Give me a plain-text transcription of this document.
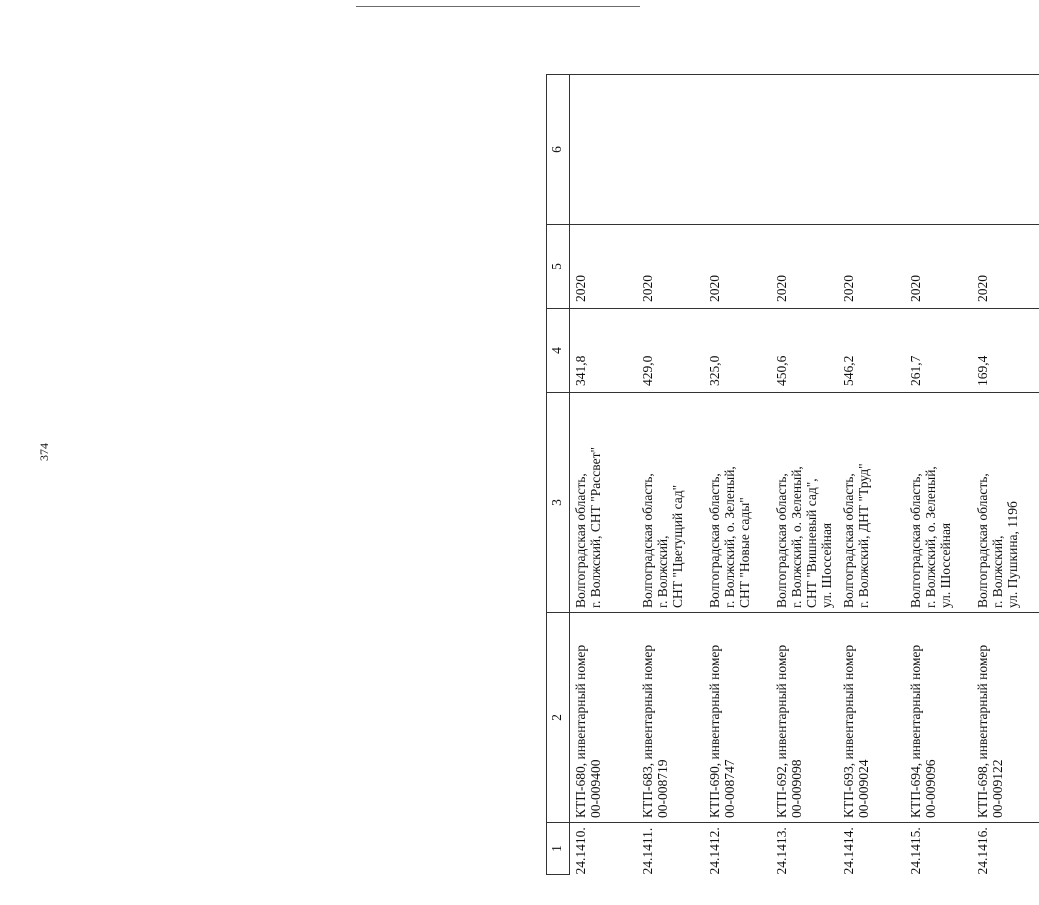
374
1	2	3	4	5	6

24.1410.	КТП-680, инвентарный номер 00-009400	Волгоградская область, г. Волжский, СНТ "Рассвет"	341,8	2020	

24.1411.	КТП-683, инвентарный номер 00-008719	Волгоградская область, г. Волжский, СНТ "Цветущий сад"	429,0	2020	

24.1412.	КТП-690, инвентарный номер 00-008747	Волгоградская область, г. Волжский, о. Зеленый, СНТ "Новые сады"	325,0	2020	

24.1413.	КТП-692, инвентарный номер 00-009098	Волгоградская область, г. Волжский, о. Зеленый, СНТ "Вишневый сад", ул. Шоссейная	450,6	2020	

24.1414.	КТП-693, инвентарный номер 00-009024	Волгоградская область, г. Волжский, ДНТ "Труд"	546,2	2020	

24.1415.	КТП-694, инвентарный номер 00-009096	Волгоградская область, г. Волжский, о. Зеленый, ул. Шоссейная	261,7	2020	

24.1416.	КТП-698, инвентарный номер 00-009122	Волгоградская область, г. Волжский, ул. Пушкина, 119б	169,4	2020	
